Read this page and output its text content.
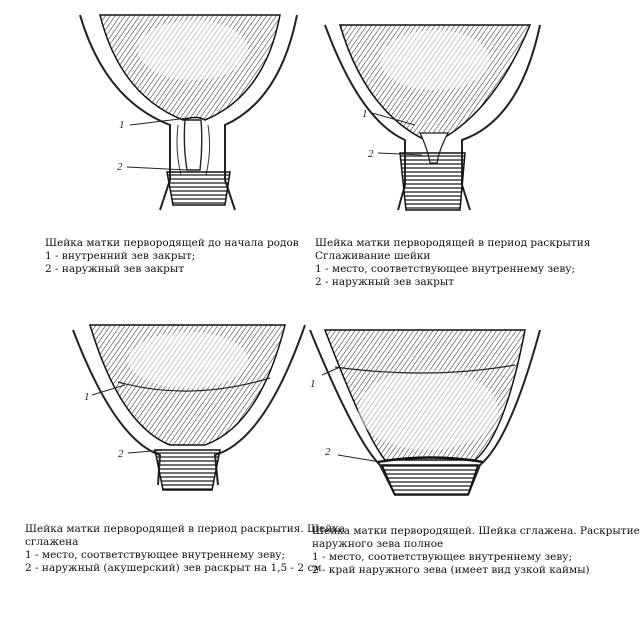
1
2
Шейка матки первородящей до начала родов
1 - внутренний зев закрыт;
2 - наружный зев закрыт
1
2
Шейка матки первородящей в период раскрытия
Сглаживание шейки
1 - место, соответствующее внутреннему зеву;
2 - наружный зев закрыт
1
2
Шейка матки первородящей в период раскрытия. Шейка
сглажена
1 - место, соответствующее внутреннему зеву;
2 - наружный (акушерский) зев раскрыт на 1,5 - 2 см
1
2
Шейка матки первородящей. Шейка сглажена. Раскрытие
наружного зева полное
1 - место, соответствующее внутреннему зеву;
2 - край наружного зева (имеет вид узкой каймы)
